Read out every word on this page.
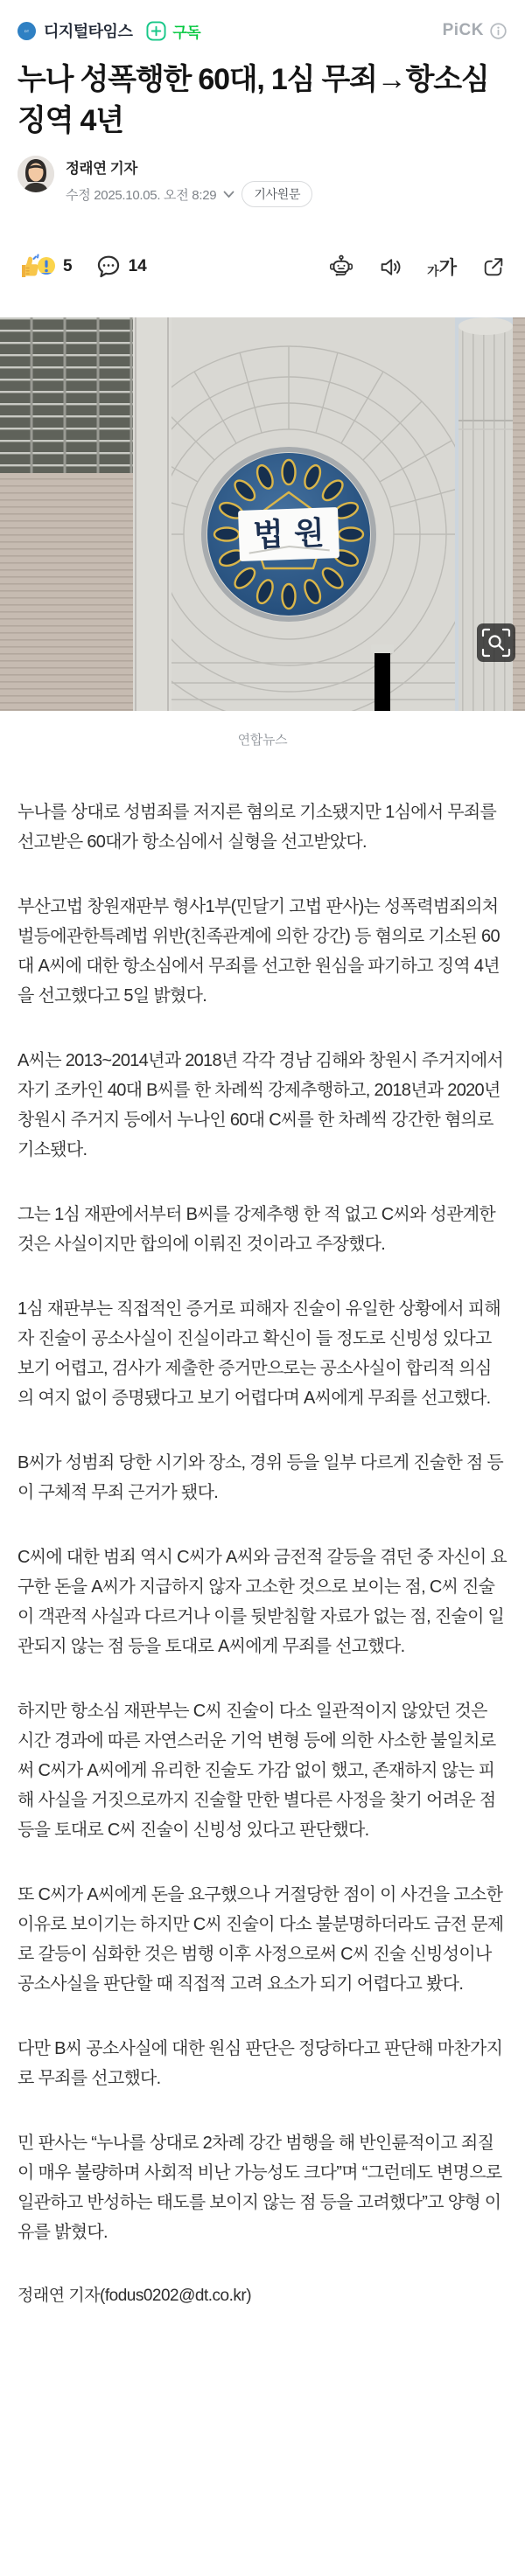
DT 디지털타임스	구독	PiCK
누나 성폭행한 60대, 1심 무죄→항소심 징역 4년
정래연 기자
수정 2025.10.05. 오전 8:29	기사원문
5	14	가 가
법원
연합뉴스

누나를 상대로 성범죄를 저지른 혐의로 기소됐지만 1심에서 무죄를 선고받은 60대가 항소심에서 실형을 선고받았다.

부산고법 창원재판부 형사1부(민달기 고법 판사)는 성폭력범죄의처벌등에관한특례법 위반(친족관계에 의한 강간) 등 혐의로 기소된 60대 A씨에 대한 항소심에서 무죄를 선고한 원심을 파기하고 징역 4년을 선고했다고 5일 밝혔다.

A씨는 2013~2014년과 2018년 각각 경남 김해와 창원시 주거지에서 자기 조카인 40대 B씨를 한 차례씩 강제추행하고, 2018년과 2020년 창원시 주거지 등에서 누나인 60대 C씨를 한 차례씩 강간한 혐의로 기소됐다.

그는 1심 재판에서부터 B씨를 강제추행 한 적 없고 C씨와 성관계한 것은 사실이지만 합의에 이뤄진 것이라고 주장했다.

1심 재판부는 직접적인 증거로 피해자 진술이 유일한 상황에서 피해자 진술이 공소사실이 진실이라고 확신이 들 정도로 신빙성 있다고 보기 어렵고, 검사가 제출한 증거만으로는 공소사실이 합리적 의심의 여지 없이 증명됐다고 보기 어렵다며 A씨에게 무죄를 선고했다.

B씨가 성범죄 당한 시기와 장소, 경위 등을 일부 다르게 진술한 점 등이 구체적 무죄 근거가 됐다.

C씨에 대한 범죄 역시 C씨가 A씨와 금전적 갈등을 겪던 중 자신이 요구한 돈을 A씨가 지급하지 않자 고소한 것으로 보이는 점, C씨 진술이 객관적 사실과 다르거나 이를 뒷받침할 자료가 없는 점, 진술이 일관되지 않는 점 등을 토대로 A씨에게 무죄를 선고했다.

하지만 항소심 재판부는 C씨 진술이 다소 일관적이지 않았던 것은 시간 경과에 따른 자연스러운 기억 변형 등에 의한 사소한 불일치로써 C씨가 A씨에게 유리한 진술도 가감 없이 했고, 존재하지 않는 피해 사실을 거짓으로까지 진술할 만한 별다른 사정을 찾기 어려운 점 등을 토대로 C씨 진술이 신빙성 있다고 판단했다.

또 C씨가 A씨에게 돈을 요구했으나 거절당한 점이 이 사건을 고소한 이유로 보이기는 하지만 C씨 진술이 다소 불분명하더라도 금전 문제로 갈등이 심화한 것은 범행 이후 사정으로써 C씨 진술 신빙성이나 공소사실을 판단할 때 직접적 고려 요소가 되기 어렵다고 봤다.

다만 B씨 공소사실에 대한 원심 판단은 정당하다고 판단해 마찬가지로 무죄를 선고했다.

민 판사는 “누나를 상대로 2차례 강간 범행을 해 반인륜적이고 죄질이 매우 불량하며 사회적 비난 가능성도 크다”며 “그런데도 변명으로 일관하고 반성하는 태도를 보이지 않는 점 등을 고려했다”고 양형 이유를 밝혔다.

정래연 기자(fodus0202@dt.co.kr)
